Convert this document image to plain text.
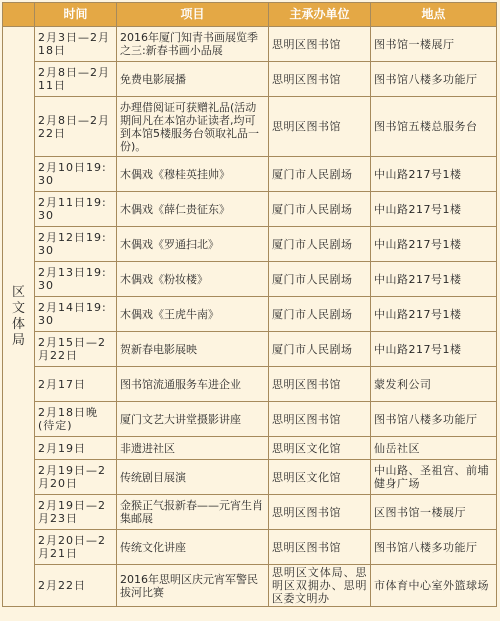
	时间	项目	主承办单位	地点
区文体局	2月3日—2月18日	2016年厦门知青书画展览季之三:新春书画小品展	思明区图书馆	图书馆一楼展厅
	2月8日—2月11日	免费电影展播	思明区图书馆	图书馆八楼多功能厅
	2月8日—2月22日	办理借阅证可获赠礼品(活动期间凡在本馆办证读者,均可到本馆5楼服务台领取礼品一份)。	思明区图书馆	图书馆五楼总服务台
	2月10日19:30	木偶戏《穆桂英挂帅》	厦门市人民剧场	中山路217号1楼
	2月11日19:30	木偶戏《薛仁贵征东》	厦门市人民剧场	中山路217号1楼
	2月12日19:30	木偶戏《罗通扫北》	厦门市人民剧场	中山路217号1楼
	2月13日19:30	木偶戏《粉妆楼》	厦门市人民剧场	中山路217号1楼
	2月14日19:30	木偶戏《王虎牛南》	厦门市人民剧场	中山路217号1楼
	2月15日—2月22日	贺新春电影展映	厦门市人民剧场	中山路217号1楼
	2月17日	图书馆流通服务车进企业	思明区图书馆	蒙发利公司
	2月18日晚(待定)	厦门文艺大讲堂摄影讲座	思明区图书馆	图书馆八楼多功能厅
	2月19日	非遗进社区	思明区文化馆	仙岳社区
	2月19日—2月20日	传统剧目展演	思明区文化馆	中山路、圣祖宫、前埔健身广场
	2月19日—2月23日	金猴正气报新春——元宵生肖集邮展	思明区图书馆	区图书馆一楼展厅
	2月20日—2月21日	传统文化讲座	思明区图书馆	图书馆八楼多功能厅
	2月22日	2016年思明区庆元宵军警民拔河比赛	思明区文体局、思明区双拥办、思明区委文明办	市体育中心室外篮球场
